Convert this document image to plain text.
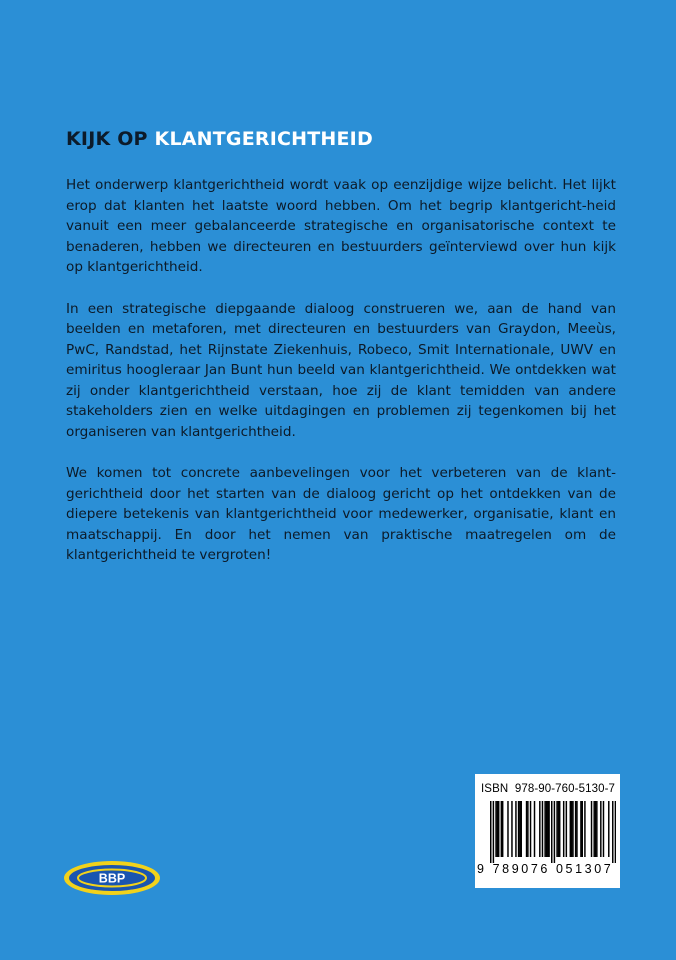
KIJK OP KLANTGERICHTHEID

Het onderwerp klantgerichtheid wordt vaak op eenzijdige wijze belicht. Het lijkt erop dat klanten het laatste woord hebben. Om het begrip klantgericht-heid vanuit een meer gebalanceerde strategische en organisatorische context te benaderen, hebben we directeuren en bestuurders geïnterviewd over hun kijk op klantgerichtheid.

In een strategische diepgaande dialoog construeren we, aan de hand van beelden en metaforen, met directeuren en bestuurders van Graydon, Meeùs, PwC, Randstad, het Rijnstate Ziekenhuis, Robeco, Smit Internationale, UWV en emiritus hoogleraar Jan Bunt hun beeld van klantgerichtheid. We ontdekken wat zij onder klantgerichtheid verstaan, hoe zij de klant temidden van andere stakeholders zien en welke uitdagingen en problemen zij tegenkomen bij het organiseren van klantgerichtheid.

We komen tot concrete aanbevelingen voor het verbeteren van de klant-gerichtheid door het starten van de dialoog gericht op het ontdekken van de diepere betekenis van klantgerichtheid voor medewerker, organisatie, klant en maatschappij. En door het nemen van praktische maatregelen om de klantgerichtheid te vergroten!

BBP
ISBN 978-90-760-5130-7
9 789076 051307
